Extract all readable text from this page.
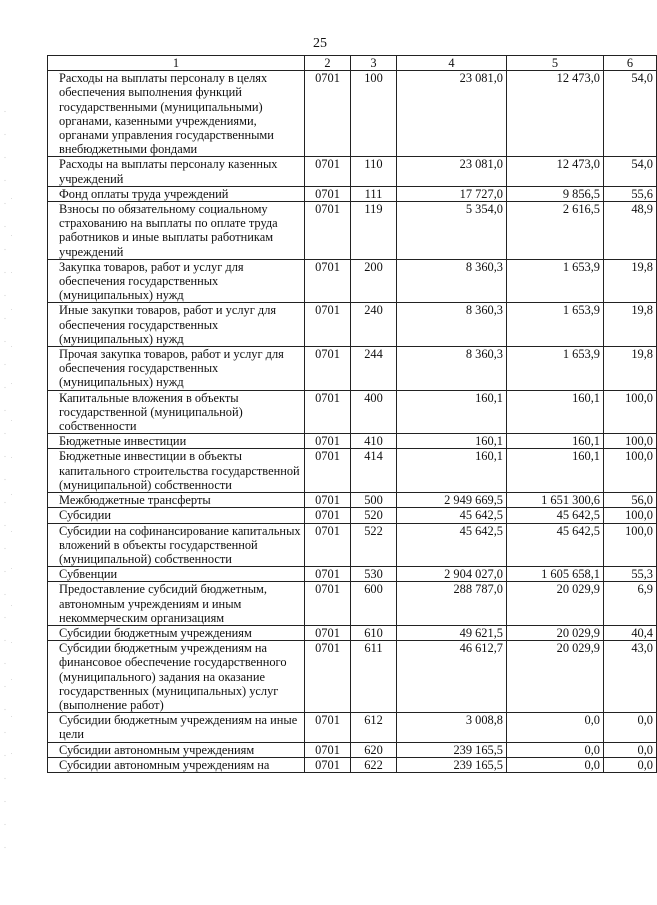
25
1	2	3	4	5	6
Расходы на выплаты персоналу в целях обеспечения выполнения функций государственными (муниципальными) органами, казенными учреждениями, органами управления государственными внебюджетными фондами	0701	100	23 081,0	12 473,0	54,0
Расходы на выплаты персоналу казенных учреждений	0701	110	23 081,0	12 473,0	54,0
Фонд оплаты труда учреждений	0701	111	17 727,0	9 856,5	55,6
Взносы по обязательному социальному страхованию на выплаты по оплате труда работников и иные выплаты работникам учреждений	0701	119	5 354,0	2 616,5	48,9
Закупка товаров, работ и услуг для обеспечения государственных (муниципальных) нужд	0701	200	8 360,3	1 653,9	19,8
Иные закупки товаров, работ и услуг для обеспечения государственных (муниципальных) нужд	0701	240	8 360,3	1 653,9	19,8
Прочая закупка товаров, работ и услуг для обеспечения государственных (муниципальных) нужд	0701	244	8 360,3	1 653,9	19,8
Капитальные вложения в объекты государственной (муниципальной) собственности	0701	400	160,1	160,1	100,0
Бюджетные инвестиции	0701	410	160,1	160,1	100,0
Бюджетные инвестиции в объекты капитального строительства государственной (муниципальной) собственности	0701	414	160,1	160,1	100,0
Межбюджетные трансферты	0701	500	2 949 669,5	1 651 300,6	56,0
Субсидии	0701	520	45 642,5	45 642,5	100,0
Субсидии на софинансирование капитальных вложений в объекты государственной (муниципальной) собственности	0701	522	45 642,5	45 642,5	100,0
Субвенции	0701	530	2 904 027,0	1 605 658,1	55,3
Предоставление субсидий бюджетным, автономным учреждениям и иным некоммерческим организациям	0701	600	288 787,0	20 029,9	6,9
Субсидии бюджетным учреждениям	0701	610	49 621,5	20 029,9	40,4
Субсидии бюджетным учреждениям на финансовое обеспечение государственного (муниципального) задания на оказание государственных (муниципальных) услуг (выполнение работ)	0701	611	46 612,7	20 029,9	43,0
Субсидии бюджетным учреждениям на иные цели	0701	612	3 008,8	0,0	0,0
Субсидии автономным учреждениям	0701	620	239 165,5	0,0	0,0
Субсидии автономным учреждениям на	0701	622	239 165,5	0,0	0,0
